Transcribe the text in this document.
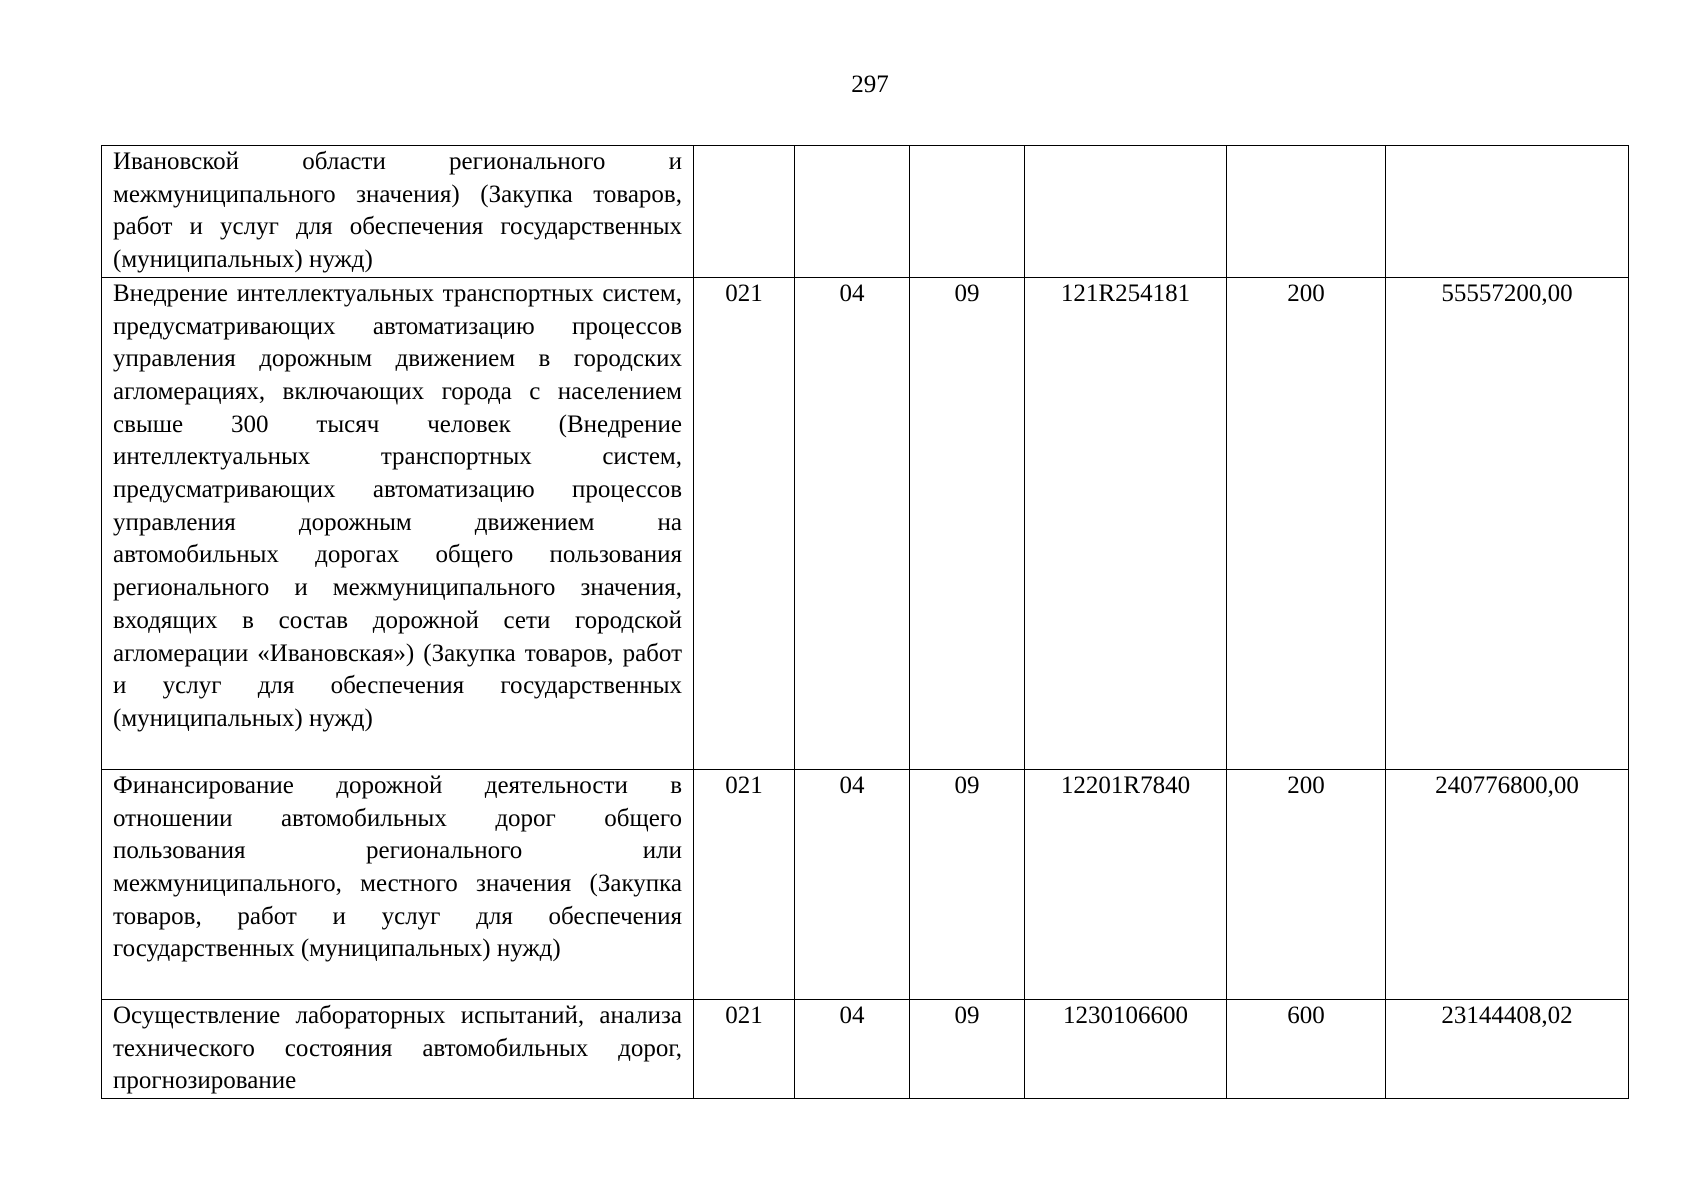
297
Ивановской области регионального и межмуниципального значения) (Закупка товаров, работ и услуг для обеспечения государственных (муниципальных) нужд)						

Внедрение интеллектуальных транспортных систем, предусматривающих автоматизацию процессов управления дорожным движением в городских агломерациях, включающих города с населением свыше 300 тысяч человек (Внедрение интеллектуальных транспортных систем, предусматривающих автоматизацию процессов управления дорожным движением на автомобильных дорогах общего пользования регионального и межмуниципального значения, входящих в состав дорожной сети городской агломерации «Ивановская») (Закупка товаров, работ и услуг для обеспечения государственных (муниципальных) нужд)	021	04	09	121R254181	200	55557200,00

Финансирование дорожной деятельности в отношении автомобильных дорог общего пользования регионального или межмуниципального, местного значения (Закупка товаров, работ и услуг для обеспечения государственных (муниципальных) нужд)	021	04	09	12201R7840	200	240776800,00

Осуществление лабораторных испытаний, анализа технического состояния автомобильных дорог, прогнозирование	021	04	09	1230106600	600	23144408,02
